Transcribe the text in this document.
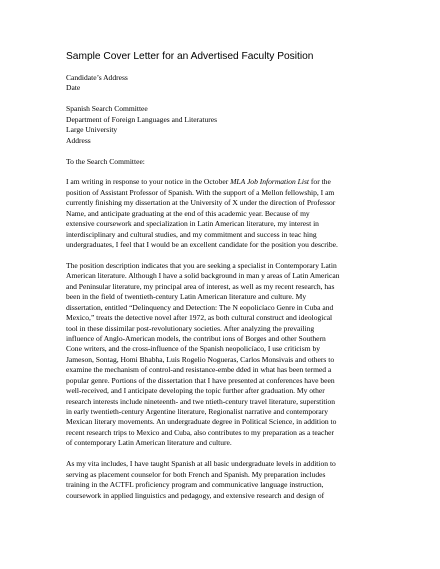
Sample Cover Letter for an Advertised Faculty Position
Candidate’s Address
Date
Spanish Search Committee
Department of Foreign Languages and Literatures
Large University
Address
To the Search Committee:
I am writing in response to your notice in the October MLA Job Information List for the
position of Assistant Professor of Spanish. With the support of a Mellon fellowship, I am
currently finishing my dissertation at the University of X under the direction of Professor
Name, and anticipate graduating at the end of this academic year. Because of my
extensive coursework and specialization in Latin American literature, my interest in
interdisciplinary and cultural studies, and my commitment and success in teac hing
undergraduates, I feel that I would be an excellent candidate for the position you describe.
The position description indicates that you are seeking a specialist in Contemporary Latin
American literature. Although I have a solid background in man y areas of Latin American
and Peninsular literature, my principal area of interest, as well as my recent research, has
been in the field of twentieth-century Latin American literature and culture. My
dissertation, entitled “Delinquency and Detection: The N eopolicíaco Genre in Cuba and
Mexico,” treats the detective novel after 1972, as both cultural construct and ideological
tool in these dissimilar post-revolutionary societies. After analyzing the prevailing
influence of Anglo-American models, the contribut ions of Borges and other Southern
Cone writers, and the cross-influence of the Spanish neopolicíaco, I use criticism by
Jameson, Sontag, Homi Bhabha, Luis Rogelio Nogueras, Carlos Monsivais and others to
examine the mechanism of control-and resistance-embe dded in what has been termed a
popular genre. Portions of the dissertation that I have presented at conferences have been
well-received, and I anticipate developing the topic further after graduation. My other
research interests include nineteenth- and twe ntieth-century travel literature, superstition
in early twentieth-century Argentine literature, Regionalist narrative and contemporary
Mexican literary movements. An undergraduate degree in Political Science, in addition to
recent research trips to Mexico and Cuba, also contributes to my preparation as a teacher
of contemporary Latin American literature and culture.
As my vita includes, I have taught Spanish at all basic undergraduate levels in addition to
serving as placement counselor for both French and Spanish. My preparation includes
training in the ACTFL proficiency program and communicative language instruction,
coursework in applied linguistics and pedagogy, and extensive research and design of
